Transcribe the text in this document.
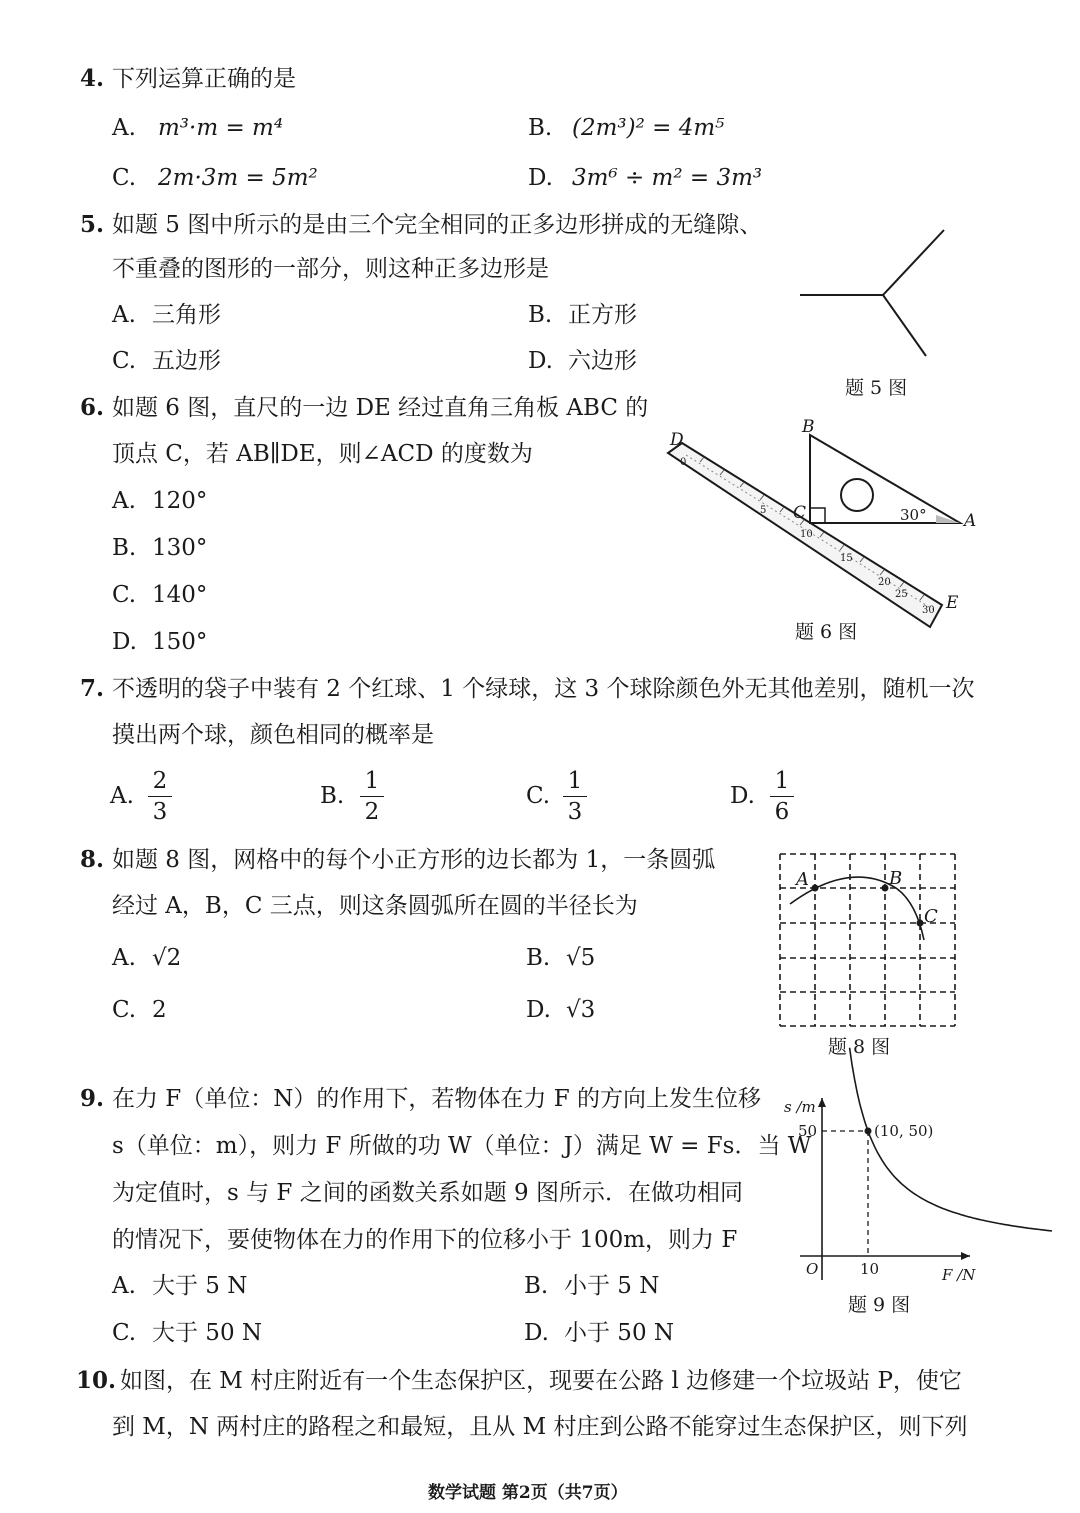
4. 下列运算正确的是
A. m³·m = m⁴	B. (2m³)² = 4m⁵
C. 2m·3m = 5m²	D. 3m⁶ ÷ m² = 3m³
5. 如题 5 图中所示的是由三个完全相同的正多边形拼成的无缝隙、
不重叠的图形的一部分，则这种正多边形是
A. 三角形	B. 正方形
C. 五边形	D. 六边形
题 5 图
6. 如题 6 图，直尺的一边 DE 经过直角三角板 ABC 的
顶点 C，若 AB∥DE，则∠ACD 的度数为
A. 120°
B. 130°
C. 140°
D. 150°
0
5
10
15
20
25
30
30°
D
B
C	A
E
题 6 图
7. 不透明的袋子中装有 2 个红球、1 个绿球，这 3 个球除颜色外无其他差别，随机一次
摸出两个球，颜色相同的概率是
A.
2
3
B.
1
2
C.
1
3
D.
1
6
8. 如题 8 图，网格中的每个小正方形的边长都为 1，一条圆弧
经过 A，B，C 三点，则这条圆弧所在圆的半径长为
A. √2	B. √5
C. 2	D. √3
A	B
C
题 8 图
9. 在力 F（单位：N）的作用下，若物体在力 F 的方向上发生位移
s（单位：m），则力 F 所做的功 W（单位：J）满足 W = Fs．当 W
为定值时，s 与 F 之间的函数关系如题 9 图所示．在做功相同
的情况下，要使物体在力的作用下的位移小于 100m，则力 F
A. 大于 5 N	B. 小于 5 N
C. 大于 50 N	D. 小于 50 N
s /m
F /N
O	10
50	(10, 50)
题 9 图
10. 如图，在 M 村庄附近有一个生态保护区，现要在公路 l 边修建一个垃圾站 P，使它
到 M，N 两村庄的路程之和最短，且从 M 村庄到公路不能穿过生态保护区，则下列
数学试题 第2页（共7页）
